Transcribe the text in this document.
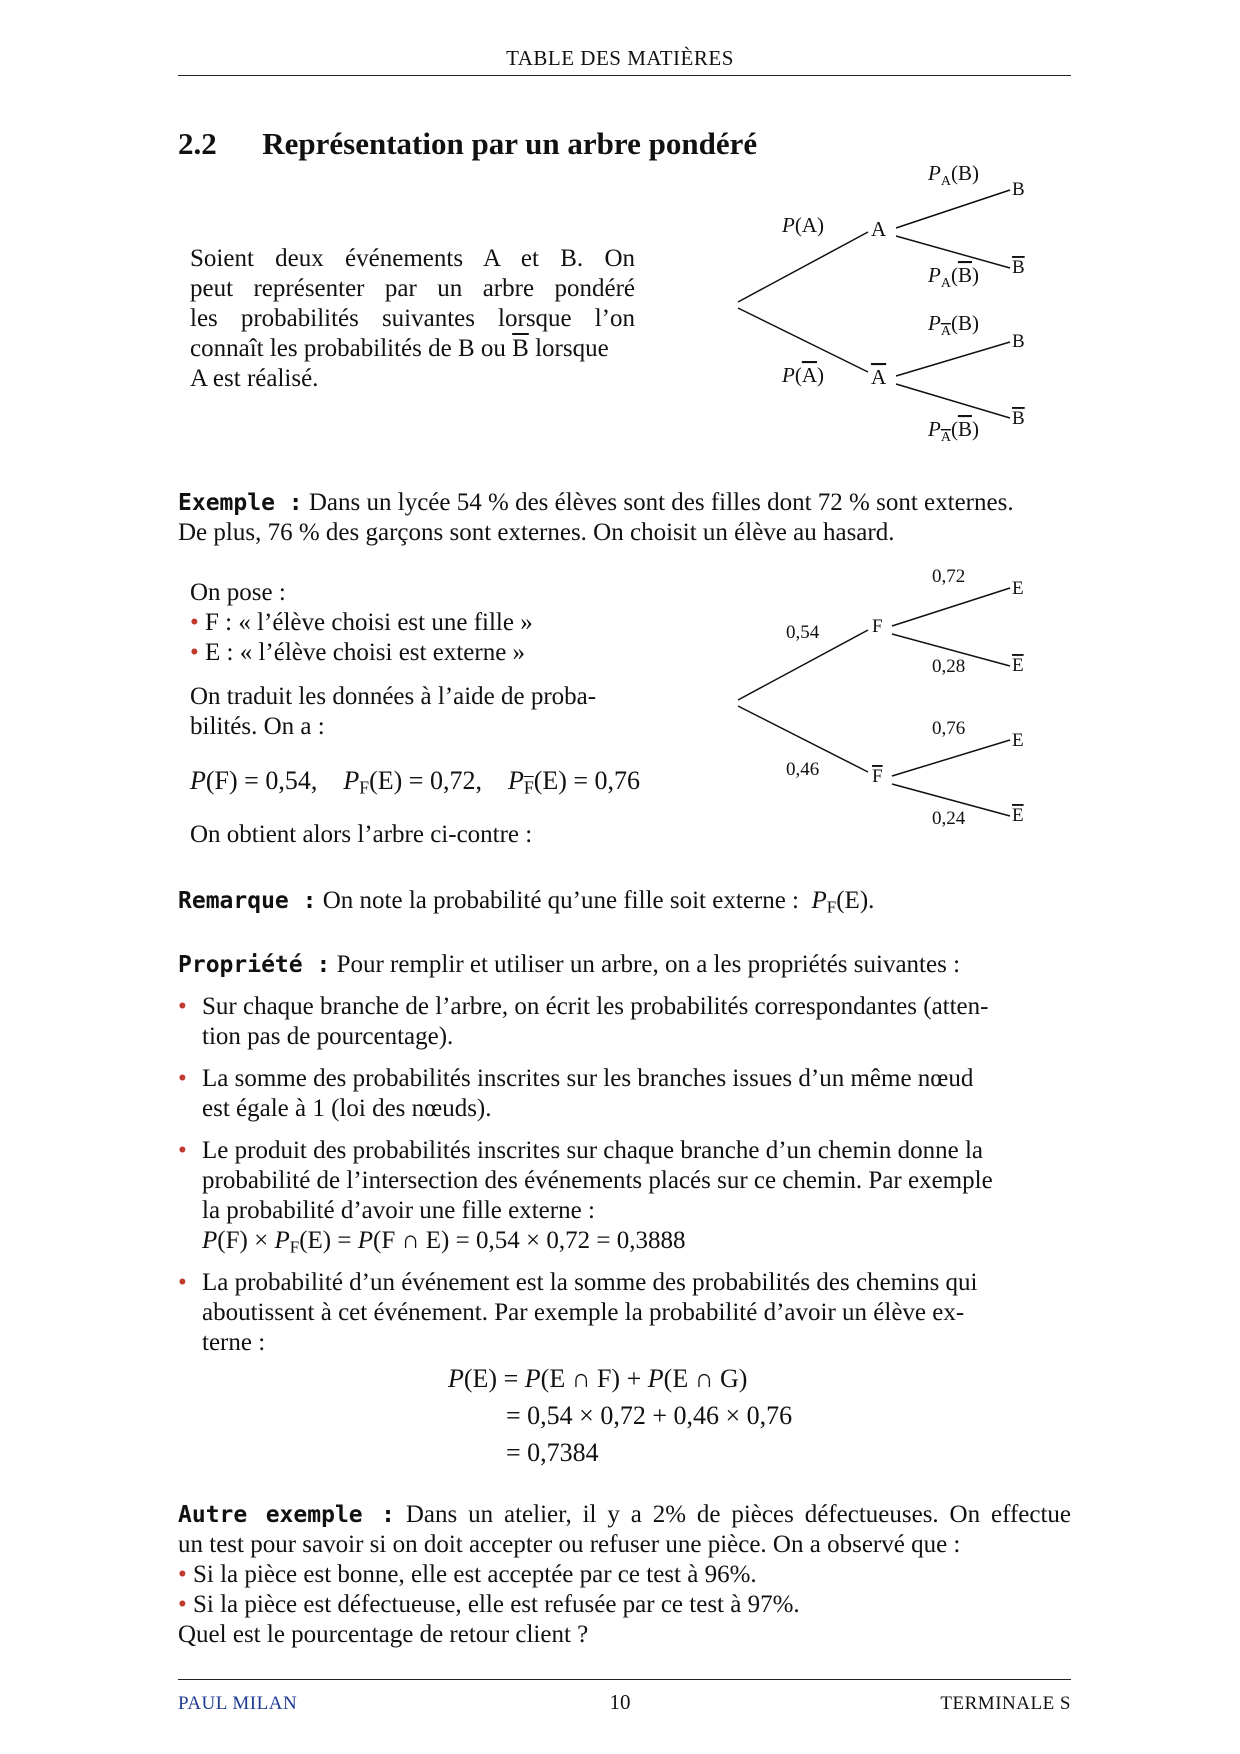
TABLE DES MATIÈRES
2.2 Représentation par un arbre pondéré
Soient deux événements A et B. On
peut représenter par un arbre pondéré
les probabilités suivantes lorsque l’on
connaît les probabilités de B ou $\overline{B}$ lorsque
A est réalisé.
P(A)
P(A)
A
A
B
B
B
B
$P_A(B)$
$P_A(B)$
$P_A(B)$
$P_A(B)$
Exemple : Dans un lycée 54 % des élèves sont des filles dont 72 % sont externes.
De plus, 76 % des garçons sont externes. On choisit un élève au hasard.
On pose :
• F : « l’élève choisi est une fille »
• E : « l’élève choisi est externe »
On traduit les données à l’aide de proba-
bilités. On a :
P(F) = 0,54,    $P_F(E) = 0,72$,    $P_{\overline{F}}(E) = 0,76$
On obtient alors l’arbre ci-contre :
0,54
0,46
F
F
E
E
E
E
0,72
0,28
0,76
0,24
Remarque : On note la probabilité qu’une fille soit externe : $P_F(E)$.
Propriété : Pour remplir et utiliser un arbre, on a les propriétés suivantes :
• Sur chaque branche de l’arbre, on écrit les probabilités correspondantes (atten-
tion pas de pourcentage).
• La somme des probabilités inscrites sur les branches issues d’un même nœud
est égale à 1 (loi des nœuds).
• Le produit des probabilités inscrites sur chaque branche d’un chemin donne la
probabilité de l’intersection des événements placés sur ce chemin. Par exemple
la probabilité d’avoir une fille externe :
$P(F) \times P_F(E) = P(F$ ∩ E) = 0,54 × 0,72 = 0,3888
• La probabilité d’un événement est la somme des probabilités des chemins qui
aboutissent à cet événement. Par exemple la probabilité d’avoir un élève ex-
terne :
P(E) = P(E ∩ F) + P(E ∩ G)
= 0,54 × 0,72 + 0,46 × 0,76
= 0,7384
Autre exemple : Dans un atelier, il y a 2% de pièces défectueuses. On effectue
un test pour savoir si on doit accepter ou refuser une pièce. On a observé que :
• Si la pièce est bonne, elle est acceptée par ce test à 96%.
• Si la pièce est défectueuse, elle est refusée par ce test à 97%.
Quel est le pourcentage de retour client ?
PAUL MILAN	10	TERMINALE S
